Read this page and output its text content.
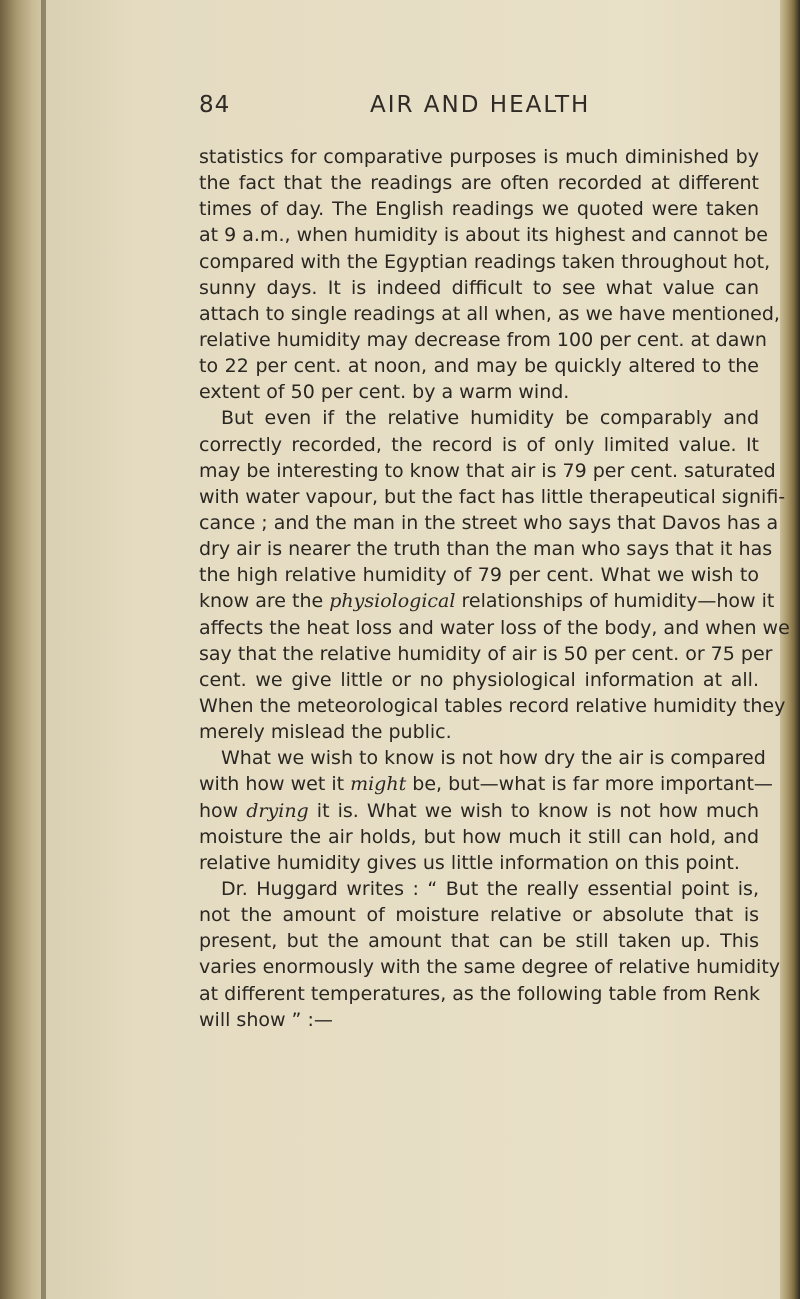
84	AIR AND HEALTH
statistics for comparative purposes is much diminished by
the fact that the readings are often recorded at different
times of day. The English readings we quoted were taken
at 9 a.m., when humidity is about its highest and cannot be
compared with the Egyptian readings taken throughout hot,
sunny days. It is indeed difficult to see what value can
attach to single readings at all when, as we have mentioned,
relative humidity may decrease from 100 per cent. at dawn
to 22 per cent. at noon, and may be quickly altered to the
extent of 50 per cent. by a warm wind.
But even if the relative humidity be comparably and
correctly recorded, the record is of only limited value. It
may be interesting to know that air is 79 per cent. saturated
with water vapour, but the fact has little therapeutical signifi-
cance ; and the man in the street who says that Davos has a
dry air is nearer the truth than the man who says that it has
the high relative humidity of 79 per cent. What we wish to
know are the physiological relationships of humidity—how it
affects the heat loss and water loss of the body, and when we
say that the relative humidity of air is 50 per cent. or 75 per
cent. we give little or no physiological information at all.
When the meteorological tables record relative humidity they
merely mislead the public.
What we wish to know is not how dry the air is compared
with how wet it might be, but—what is far more important—
how drying it is. What we wish to know is not how much
moisture the air holds, but how much it still can hold, and
relative humidity gives us little information on this point.
Dr. Huggard writes : “ But the really essential point is,
not the amount of moisture relative or absolute that is
present, but the amount that can be still taken up. This
varies enormously with the same degree of relative humidity
at different temperatures, as the following table from Renk
will show ” :—
